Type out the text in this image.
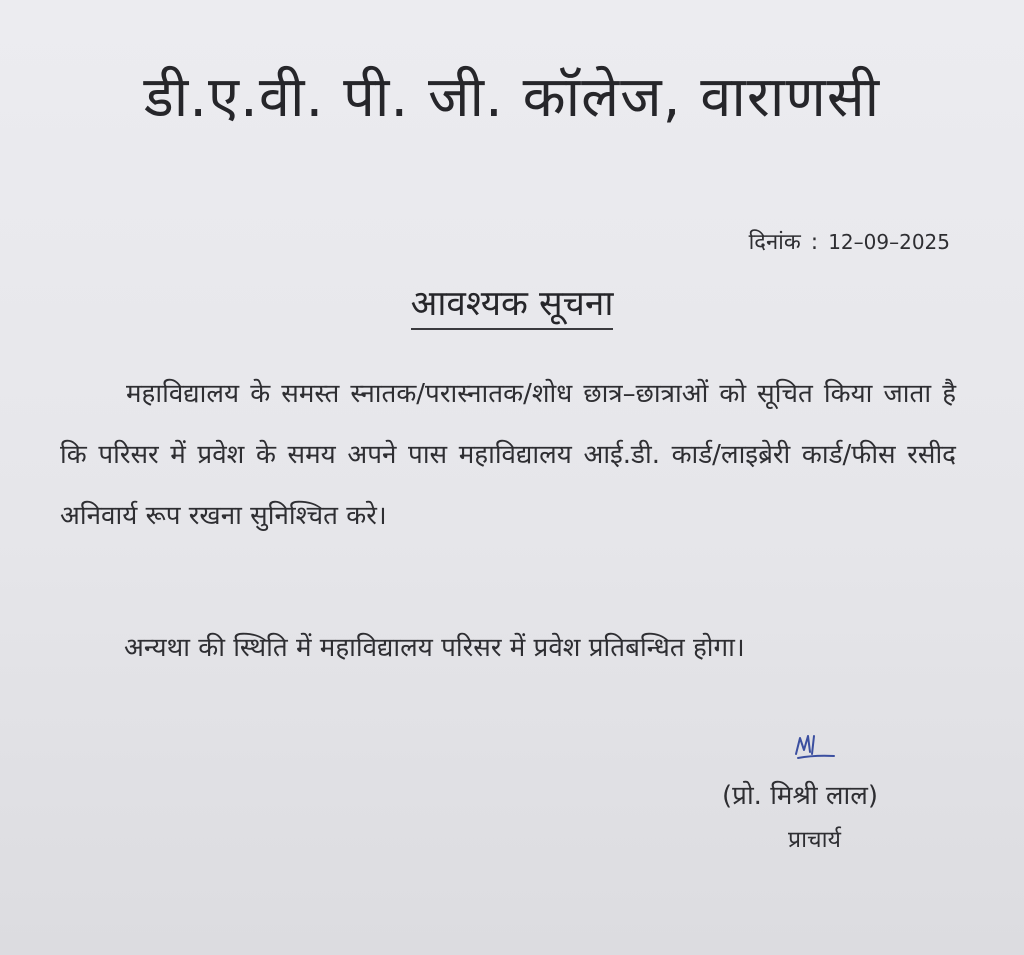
डी.ए.वी. पी. जी. कॉलेज, वाराणसी
दिनांक : 12–09–2025
आवश्यक सूचना
महाविद्यालय के समस्त स्नातक/परास्नातक/शोध छात्र–छात्राओं को सूचित किया जाता है कि परिसर में प्रवेश के समय अपने पास महाविद्यालय आई.डी. कार्ड/लाइब्रेरी कार्ड/फीस रसीद अनिवार्य रूप रखना सुनिश्चित करे।
अन्यथा की स्थिति में महाविद्यालय परिसर में प्रवेश प्रतिबन्धित होगा।
(प्रो. मिश्री लाल)
प्राचार्य
